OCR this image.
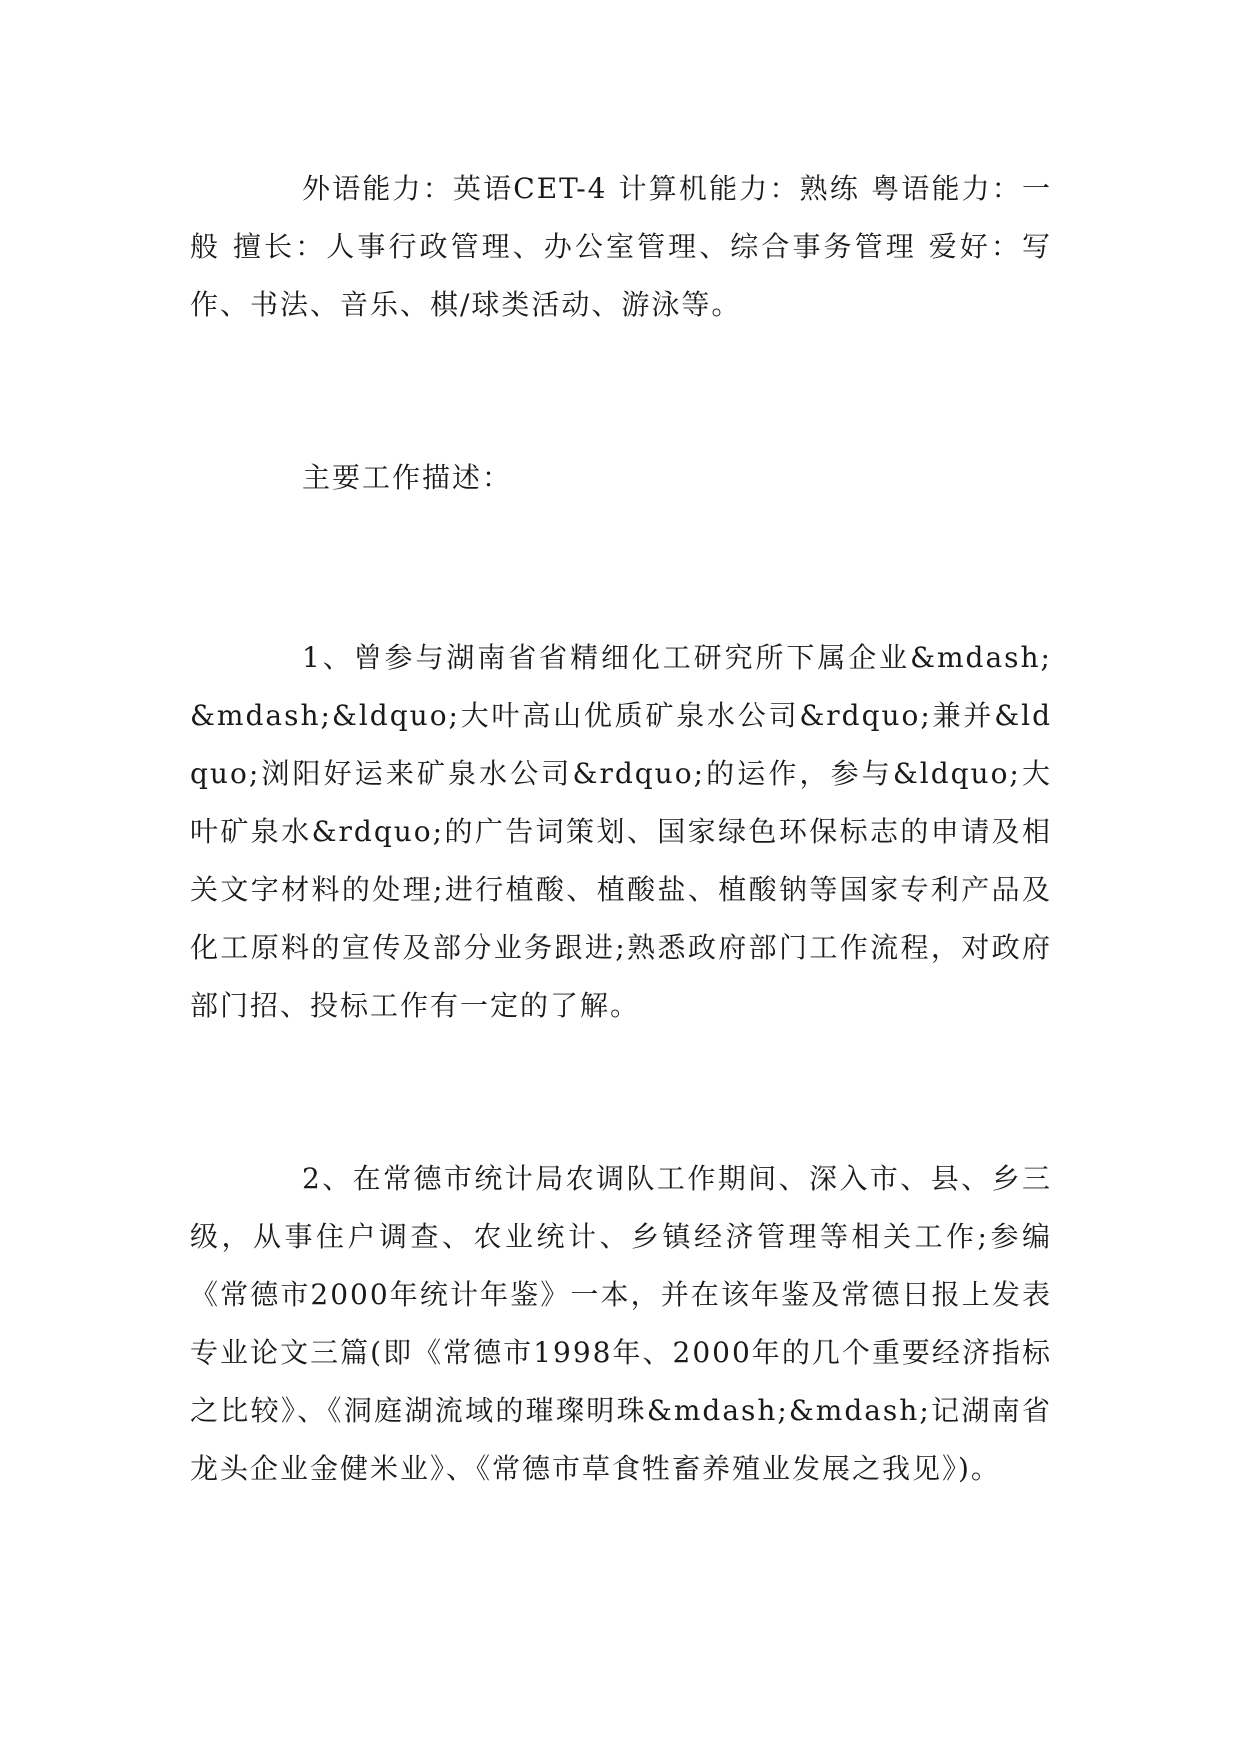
外语能力：英语CET-4 计算机能力：熟练 粤语能力：一般 擅长：人事行政管理、办公室管理、综合事务管理 爱好：写作、书法、音乐、棋/球类活动、游泳等。

主要工作描述：

1、曾参与湖南省省精细化工研究所下属企业&mdash;&mdash;&ldquo;大叶高山优质矿泉水公司&rdquo;兼并&ldquo;浏阳好运来矿泉水公司&rdquo;的运作，参与&ldquo;大叶矿泉水&rdquo;的广告词策划、国家绿色环保标志的申请及相关文字材料的处理;进行植酸、植酸盐、植酸钠等国家专利产品及化工原料的宣传及部分业务跟进;熟悉政府部门工作流程，对政府部门招、投标工作有一定的了解。

2、在常德市统计局农调队工作期间、深入市、县、乡三级，从事住户调查、农业统计、乡镇经济管理等相关工作;参编《常德市2000年统计年鉴》一本，并在该年鉴及常德日报上发表专业论文三篇(即《常德市1998年、2000年的几个重要经济指标之比较》、《洞庭湖流域的璀璨明珠&mdash;&mdash;记湖南省龙头企业金健米业》、《常德市草食牲畜养殖业发展之我见》)。
